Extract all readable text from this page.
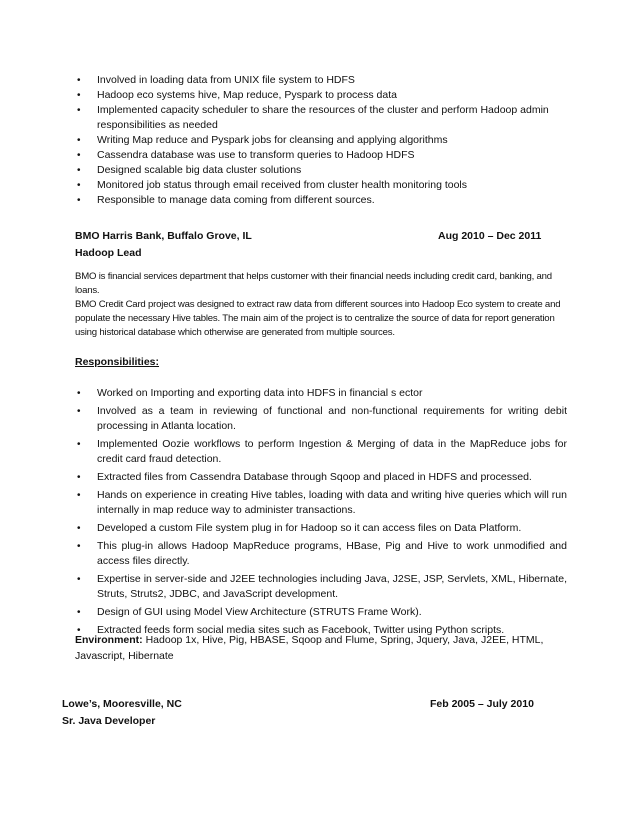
• Involved in loading data from UNIX file system to HDFS
• Hadoop eco systems hive, Map reduce, Pyspark to process data
• Implemented capacity scheduler to share the resources of the cluster and perform Hadoop admin responsibilities as needed
• Writing Map reduce and Pyspark jobs for cleansing and applying algorithms
• Cassendra database was use to transform queries to Hadoop HDFS
• Designed scalable big data cluster solutions
• Monitored job status through email received from cluster health monitoring tools
• Responsible to manage data coming from different sources.
BMO Harris Bank, Buffalo Grove, IL	Aug 2010 – Dec 2011
Hadoop Lead
BMO is financial services department that helps customer with their financial needs including credit card, banking, and loans.
BMO Credit Card project was designed to extract raw data from different sources into Hadoop Eco system to create and populate the necessary Hive tables. The main aim of the project is to centralize the source of data for report generation using historical database which otherwise are generated from multiple sources.
Responsibilities:
• Worked on Importing and exporting data into HDFS in financial s ector
• Involved as a team in reviewing of functional and non-functional requirements for writing debit processing in Atlanta location.
• Implemented Oozie workflows to perform Ingestion & Merging of data in the MapReduce jobs for credit card fraud detection.
• Extracted files from Cassendra Database through Sqoop and placed in HDFS and processed.
• Hands on experience in creating Hive tables, loading with data and writing hive queries which will run internally in map reduce way to administer transactions.
• Developed a custom File system plug in for Hadoop so it can access files on Data Platform.
• This plug-in allows Hadoop MapReduce programs, HBase, Pig and Hive to work unmodified and access files directly.
• Expertise in server-side and J2EE technologies including Java, J2SE, JSP, Servlets, XML, Hibernate, Struts, Struts2, JDBC, and JavaScript development.
• Design of GUI using Model View Architecture (STRUTS Frame Work).
• Extracted feeds form social media sites such as Facebook, Twitter using Python scripts.
Environment: Hadoop 1x, Hive, Pig, HBASE, Sqoop and Flume, Spring, Jquery, Java, J2EE, HTML, Javascript, Hibernate
Lowe’s, Mooresville, NC	Feb 2005 – July 2010
Sr. Java Developer
